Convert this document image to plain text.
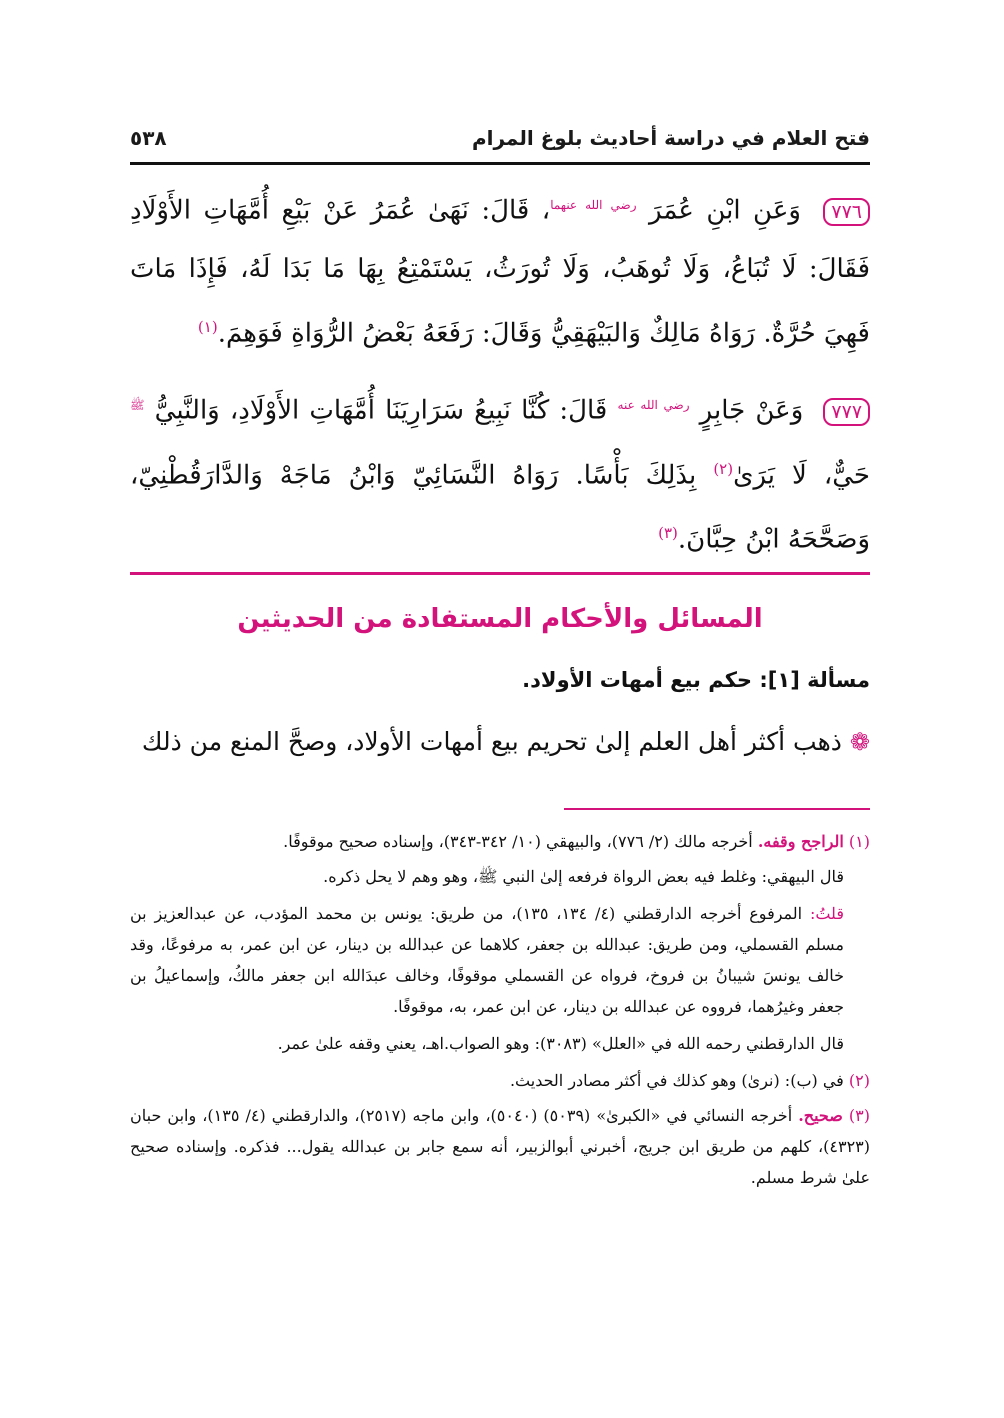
فتح العلام في دراسة أحاديث بلوغ المرام
٥٣٨
٧٧٦ وَعَنِ ابْنِ عُمَرَ $^{رضي الله عنهما}$، قَالَ: نَهَىٰ عُمَرُ عَنْ بَيْعِ أُمَّهَاتِ الأَوْلَادِ فَقَالَ: لَا تُبَاعُ، وَلَا تُوهَبُ، وَلَا تُورَثُ، يَسْتَمْتِعُ بِهَا مَا بَدَا لَهُ، فَإِذَا مَاتَ فَهِيَ حُرَّةٌ. رَوَاهُ مَالِكٌ وَالبَيْهَقِيُّ وَقَالَ: رَفَعَهُ بَعْضُ الرُّوَاةِ فَوَهِمَ.$^{(١)}$
٧٧٧ وَعَنْ جَابِرٍ $^{رضي الله عنه}$ قَالَ: كُنَّا نَبِيعُ سَرَارِيَنَا أُمَّهَاتِ الأَوْلَادِ، وَالنَّبِيُّ $^ﷺ$ حَيٌّ، لَا يَرَىٰ$^{(٢)}$ بِذَلِكَ بَأْسًا. رَوَاهُ النَّسَائِيّ وَابْنُ مَاجَهْ وَالدَّارَقُطْنِيّ، وَصَحَّحَهُ ابْنُ حِبَّانَ.$^{(٣)}$
المسائل والأحكام المستفادة من الحديثين
مسألة [١]: حكم بيع أمهات الأولاد.
❁ذهب أكثر أهل العلم إلىٰ تحريم بيع أمهات الأولاد، وصحَّ المنع من ذلك
(١) الراجح وقفه. أخرجه مالك (٢/ ٧٧٦)، والبيهقي (١٠/ ٣٤٢-٣٤٣)، وإسناده صحيح موقوفًا.
قال البيهقي: وغلط فيه بعض الرواة فرفعه إلىٰ النبي ﷺ، وهو وهم لا يحل ذكره.
قلتُ: المرفوع أخرجه الدارقطني (٤/ ١٣٤، ١٣٥)، من طريق: يونس بن محمد المؤدب، عن عبدالعزيز بن مسلم القسملي، ومن طريق: عبدالله بن جعفر، كلاهما عن عبدالله بن دينار، عن ابن عمر، به مرفوعًا، وقد خالف يونسَ شيبانُ بن فروخ، فرواه عن القسملي موقوفًا، وخالف عبدَالله ابن جعفر مالكُ، وإسماعيلُ بن جعفر وغيرُهما، فرووه عن عبدالله بن دينار، عن ابن عمر، به، موقوفًا.
قال الدارقطني رحمه الله في «العلل» (٣٠٨٣): وهو الصواب.اهـ، يعني وقفه علىٰ عمر.
(٢) في (ب): (نرىٰ) وهو كذلك في أكثر مصادر الحديث.
(٣) صحيح. أخرجه النسائي في «الكبرىٰ» (٥٠٣٩) (٥٠٤٠)، وابن ماجه (٢٥١٧)، والدارقطني (٤/ ١٣٥)، وابن حبان (٤٣٢٣)، كلهم من طريق ابن جريج، أخبرني أبوالزبير، أنه سمع جابر بن عبدالله يقول... فذكره. وإسناده صحيح علىٰ شرط مسلم.
